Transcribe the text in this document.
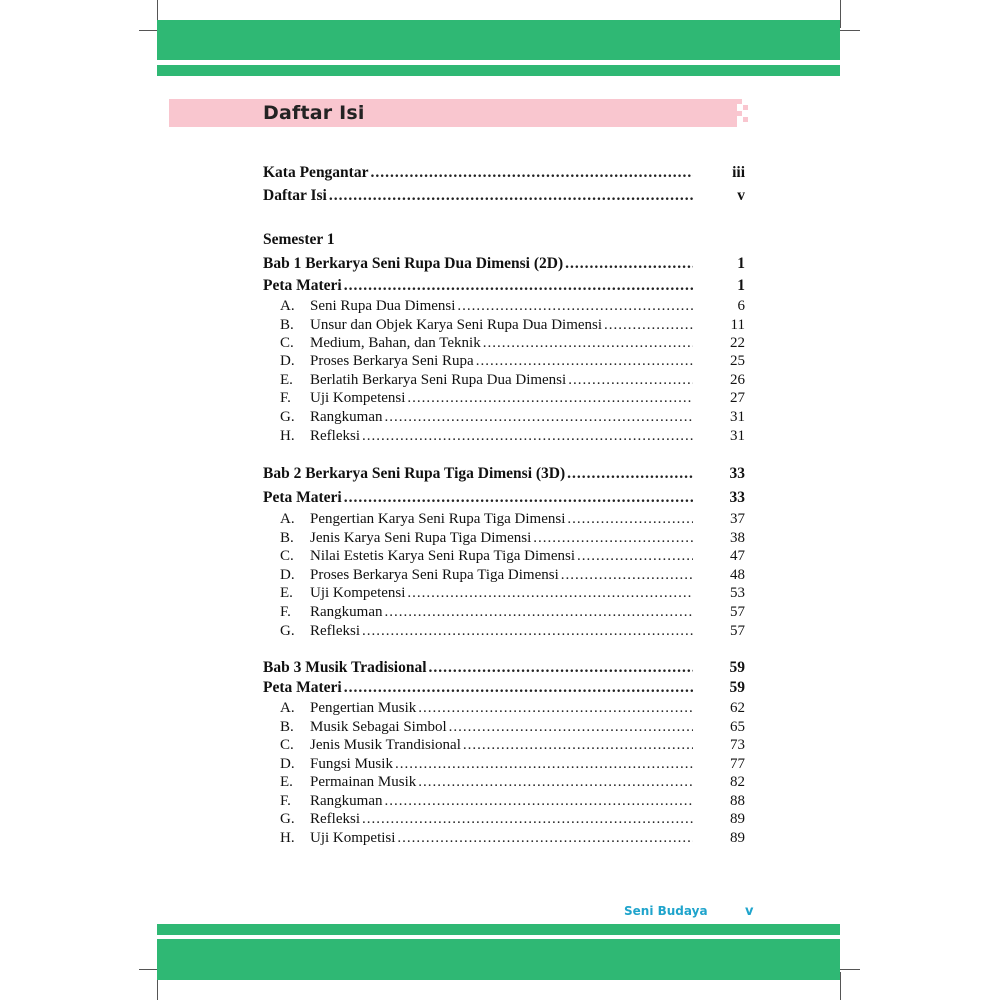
Daftar Isi
Kata Pengantar .....	iii
Daftar Isi .....	v
Semester 1
Bab 1 Berkarya Seni Rupa Dua Dimensi (2D) .....	1
Peta Materi .....	1
A.	Seni Rupa Dua Dimensi .....	6
B.	Unsur dan Objek Karya Seni Rupa Dua Dimensi .....	11
C.	Medium, Bahan, dan Teknik .....	22
D.	Proses Berkarya Seni Rupa .....	25
E.	Berlatih Berkarya Seni Rupa Dua Dimensi .....	26
F.	Uji Kompetensi .....	27
G.	Rangkuman .....	31
H.	Refleksi .....	31
Bab 2 Berkarya Seni Rupa Tiga Dimensi (3D) .....	33
Peta Materi .....	33
A.	Pengertian Karya Seni Rupa Tiga Dimensi .....	37
B.	Jenis Karya Seni Rupa Tiga Dimensi .....	38
C.	Nilai Estetis Karya Seni Rupa Tiga Dimensi .....	47
D.	Proses Berkarya Seni Rupa Tiga Dimensi .....	48
E.	Uji Kompetensi .....	53
F.	Rangkuman .....	57
G.	Refleksi .....	57
Bab 3 Musik Tradisional .....	59
Peta Materi .....	59
A.	Pengertian Musik .....	62
B.	Musik Sebagai Simbol .....	65
C.	Jenis Musik Trandisional .....	73
D.	Fungsi Musik .....	77
E.	Permainan Musik .....	82
F.	Rangkuman .....	88
G.	Refleksi .....	89
H.	Uji Kompetisi .....	89
Seni Budaya	v
